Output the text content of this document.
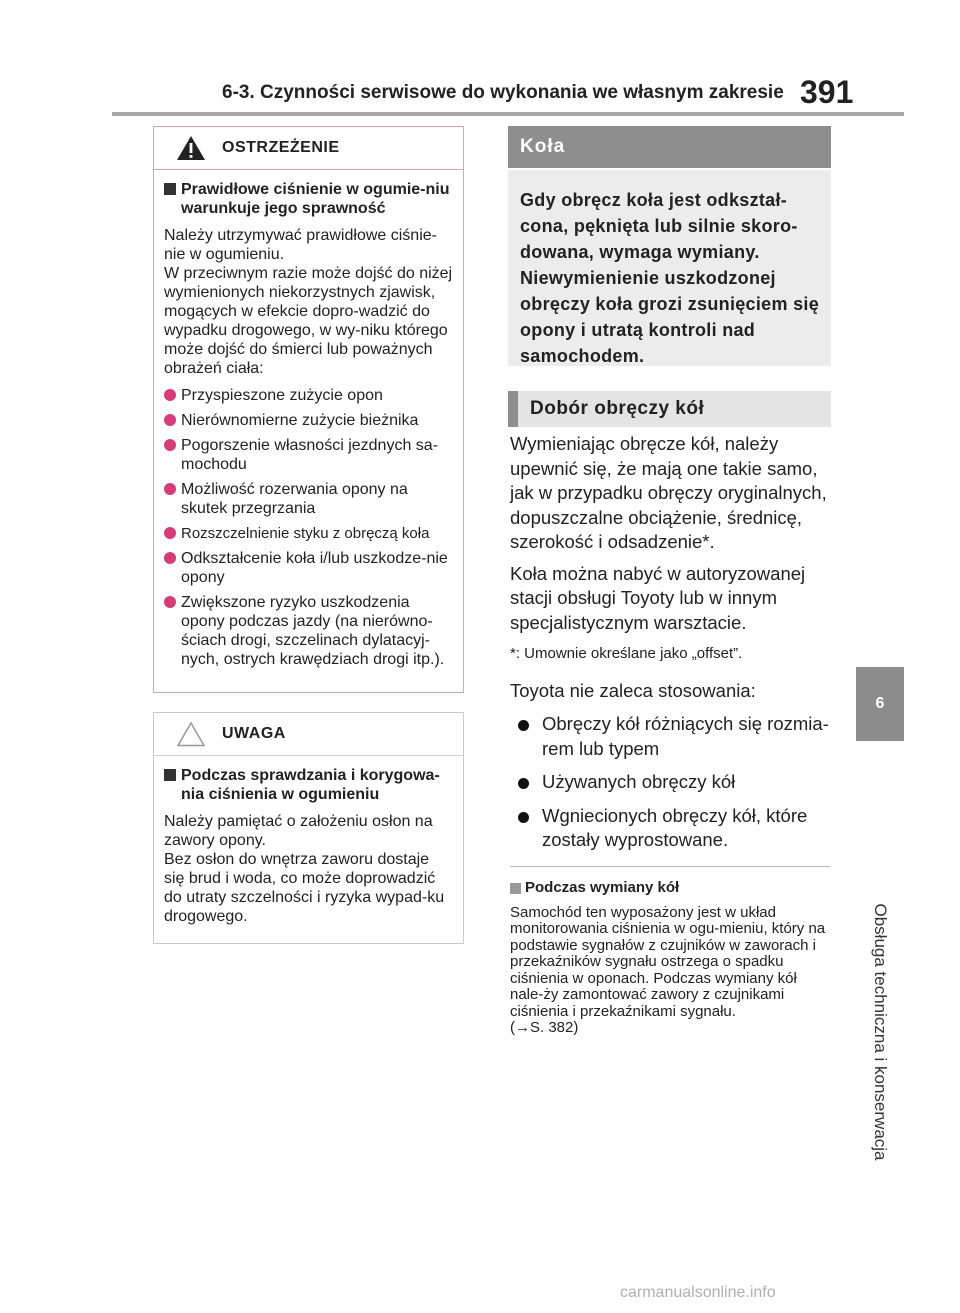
6-3. Czynności serwisowe do wykonania we własnym zakresie 391
6
Obsługa techniczna i konserwacja
OSTRZEŻENIE
Prawidłowe ciśnienie w ogumie-niu warunkuje jego sprawność
Należy utrzymywać prawidłowe ciśnie-nie w ogumieniu.
W przeciwnym razie może dojść do niżej wymienionych niekorzystnych zjawisk, mogących w efekcie dopro-wadzić do wypadku drogowego, w wy-niku którego może dojść do śmierci lub poważnych obrażeń ciała:
Przyspieszone zużycie opon
Nierównomierne zużycie bieżnika
Pogorszenie własności jezdnych sa-mochodu
Możliwość rozerwania opony na skutek przegrzania
Rozszczelnienie styku z obręczą koła
Odkształcenie koła i/lub uszkodze-nie opony
Zwiększone ryzyko uszkodzenia opony podczas jazdy (na nierówno-ściach drogi, szczelinach dylatacyj-nych, ostrych krawędziach drogi itp.).
UWAGA
Podczas sprawdzania i korygowa-nia ciśnienia w ogumieniu
Należy pamiętać o założeniu osłon na zawory opony.
Bez osłon do wnętrza zaworu dostaje się brud i woda, co może doprowadzić do utraty szczelności i ryzyka wypad-ku drogowego.
Koła
Gdy obręcz koła jest odkształ-cona, pęknięta lub silnie skoro-dowana, wymaga wymiany. Niewymienienie uszkodzonej obręczy koła grozi zsunięciem się opony i utratą kontroli nad samochodem.
Dobór obręczy kół

Wymieniając obręcze kół, należy upewnić się, że mają one takie samo, jak w przypadku obręczy oryginalnych, dopuszczalne obciążenie, średnicę, szerokość i odsadzenie*.

Koła można nabyć w autoryzowanej stacji obsługi Toyoty lub w innym specjalistycznym warsztacie.

*: Umownie określane jako „offset”.

Toyota nie zaleca stosowania:

Obręczy kół różniących się rozmia-rem lub typem
Używanych obręczy kół
Wgniecionych obręczy kół, które zostały wyprostowane.
Podczas wymiany kół
Samochód ten wyposażony jest w układ monitorowania ciśnienia w ogu-mieniu, który na podstawie sygnałów z czujników w zaworach i przekaźników sygnału ostrzega o spadku ciśnienia w oponach. Podczas wymiany kół nale-ży zamontować zawory z czujnikami ciśnienia i przekaźnikami sygnału.
(→S. 382)
carmanualsonline.info
